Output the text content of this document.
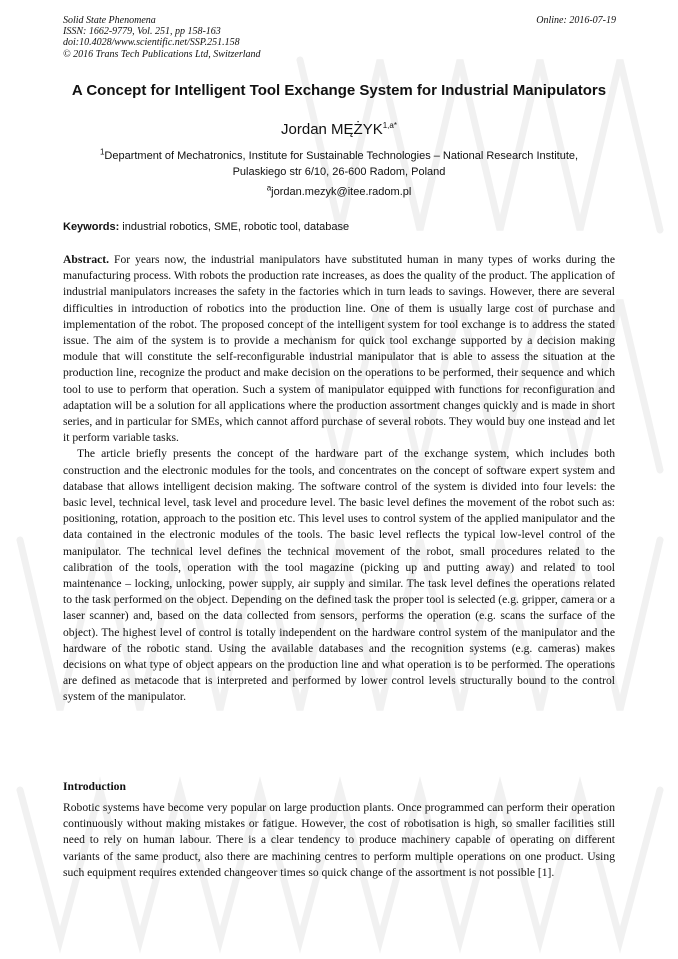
Solid State Phenomena
ISSN: 1662-9779, Vol. 251, pp 158-163
doi:10.4028/www.scientific.net/SSP.251.158
© 2016 Trans Tech Publications Ltd, Switzerland
Online: 2016-07-19
A Concept for Intelligent Tool Exchange System for Industrial Manipulators
Jordan $MĘŻYK^{1,a*}$
$^1$Department of Mechatronics, Institute for Sustainable Technologies – National Research Institute,
Pulaskiego str 6/10, 26-600 Radom, Poland
$^a$jordan.mezyk@itee.radom.pl
Keywords: industrial robotics, SME, robotic tool, database

Abstract. For years now, the industrial manipulators have substituted human in many types of works during the manufacturing process. With robots the production rate increases, as does the quality of the product. The application of industrial manipulators increases the safety in the factories which in turn leads to savings. However, there are several difficulties in introduction of robotics into the production line. One of them is usually large cost of purchase and implementation of the robot. The proposed concept of the intelligent system for tool exchange is to address the stated issue. The aim of the system is to provide a mechanism for quick tool exchange supported by a decision making module that will constitute the self-reconfigurable industrial manipulator that is able to assess the situation at the production line, recognize the product and make decision on the operations to be performed, their sequence and which tool to use to perform that operation. Such a system of manipulator equipped with functions for reconfiguration and adaptation will be a solution for all applications where the production assortment changes quickly and is made in short series, and in particular for SMEs, which cannot afford purchase of several robots. They would buy one instead and let it perform variable tasks.

The article briefly presents the concept of the hardware part of the exchange system, which includes both construction and the electronic modules for the tools, and concentrates on the concept of software expert system and database that allows intelligent decision making. The software control of the system is divided into four levels: the basic level, technical level, task level and procedure level. The basic level defines the movement of the robot such as: positioning, rotation, approach to the position etc. This level uses to control system of the applied manipulator and the data contained in the electronic modules of the tools. The basic level reflects the typical low-level control of the manipulator. The technical level defines the technical movement of the robot, small procedures related to the calibration of the tools, operation with the tool magazine (picking up and putting away) and related to tool maintenance – locking, unlocking, power supply, air supply and similar. The task level defines the operations related to the task performed on the object. Depending on the defined task the proper tool is selected (e.g. gripper, camera or a laser scanner) and, based on the data collected from sensors, performs the operation (e.g. scans the surface of the object). The highest level of control is totally independent on the hardware control system of the manipulator and the hardware of the robotic stand. Using the available databases and the recognition systems (e.g. cameras) makes decisions on what type of object appears on the production line and what operation is to be performed. The operations are defined as metacode that is interpreted and performed by lower control levels structurally bound to the control system of the manipulator.

Introduction

Robotic systems have become very popular on large production plants. Once programmed can perform their operation continuously without making mistakes or fatigue. However, the cost of robotisation is high, so smaller facilities still need to rely on human labour. There is a clear tendency to produce machinery capable of operating on different variants of the same product, also there are machining centres to perform multiple operations on one product. Using such equipment requires extended changeover times so quick change of the assortment is not possible [1].
